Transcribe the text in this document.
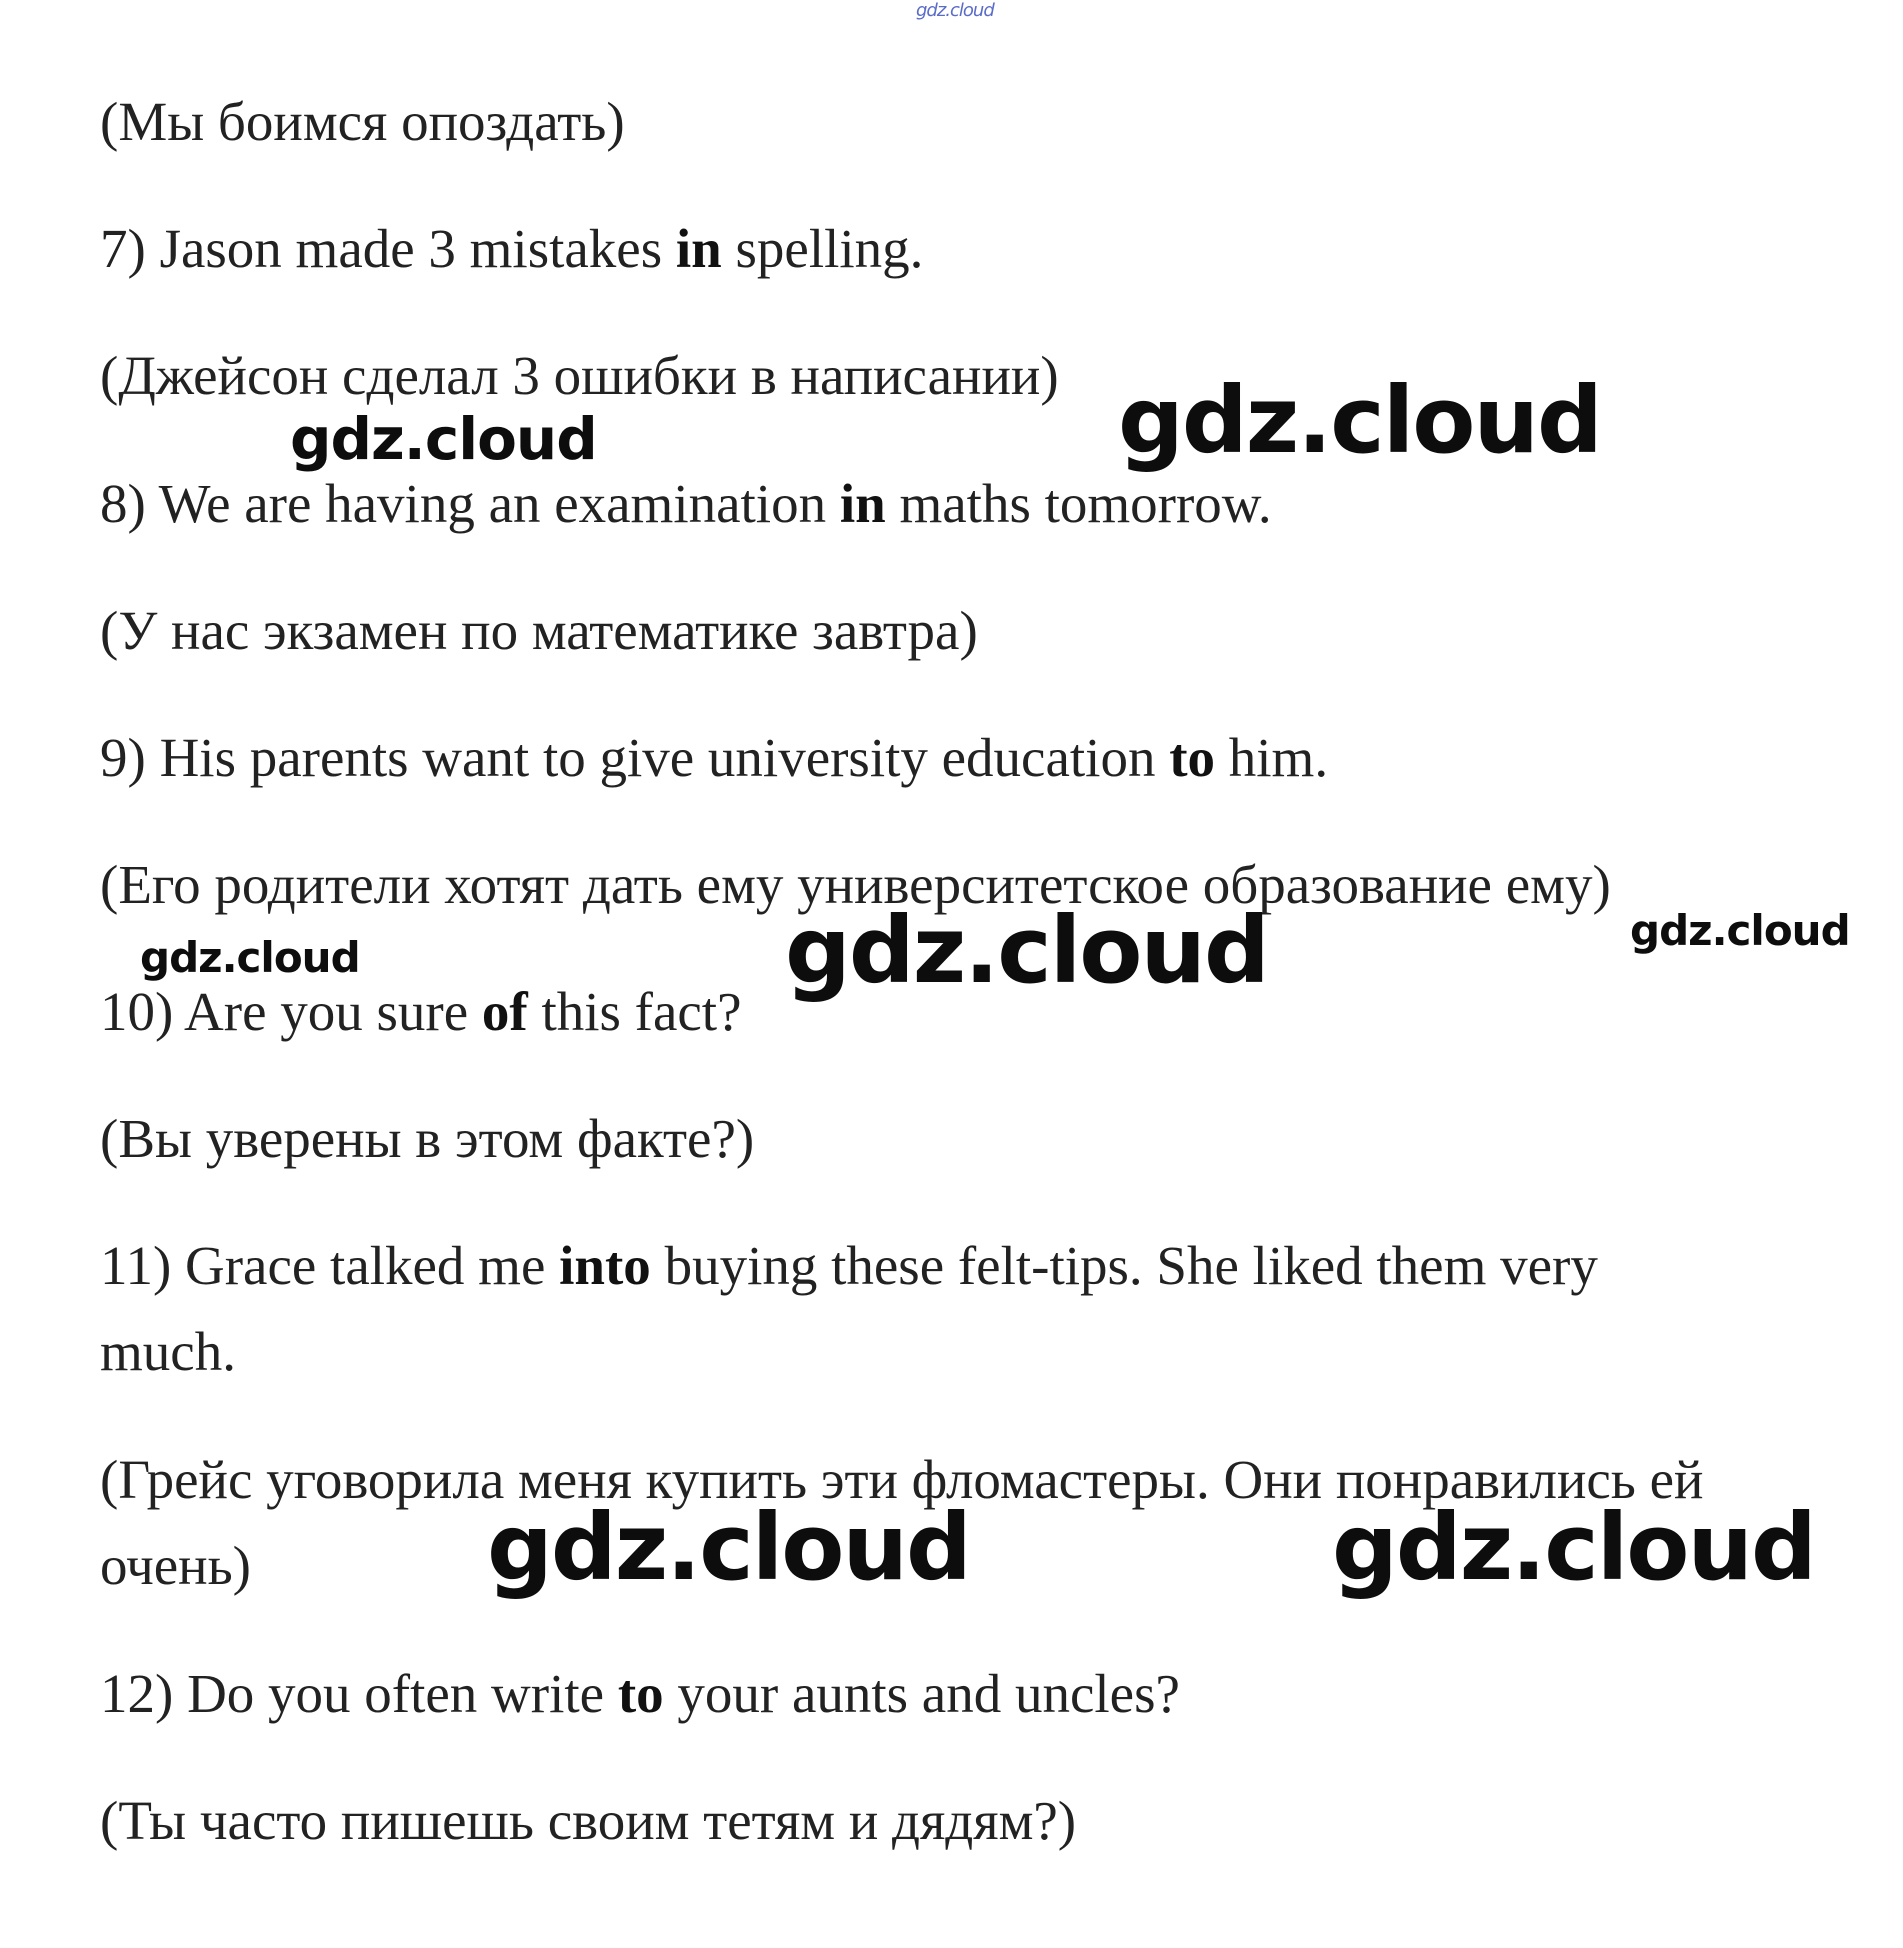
gdz.cloud

(Мы боимся опоздать)

7) Jason made 3 mistakes in spelling.

(Джейсон сделал 3 ошибки в написании)

8) We are having an examination in maths tomorrow.

(У нас экзамен по математике завтра)

9) His parents want to give university education to him.

(Его родители хотят дать ему университетское образование ему)

10) Are you sure of this fact?

(Вы уверены в этом факте?)

11) Grace talked me into buying these felt-tips. She liked them very

much.

(Грейс уговорила меня купить эти фломастеры. Они понравились ей

очень)

12) Do you often write to your aunts and uncles?

(Ты часто пишешь своим тетям и дядям?)

gdz.cloud
gdz.cloud
gdz.cloud	gdz.cloud
gdz.cloud
gdz.cloud	gdz.cloud
